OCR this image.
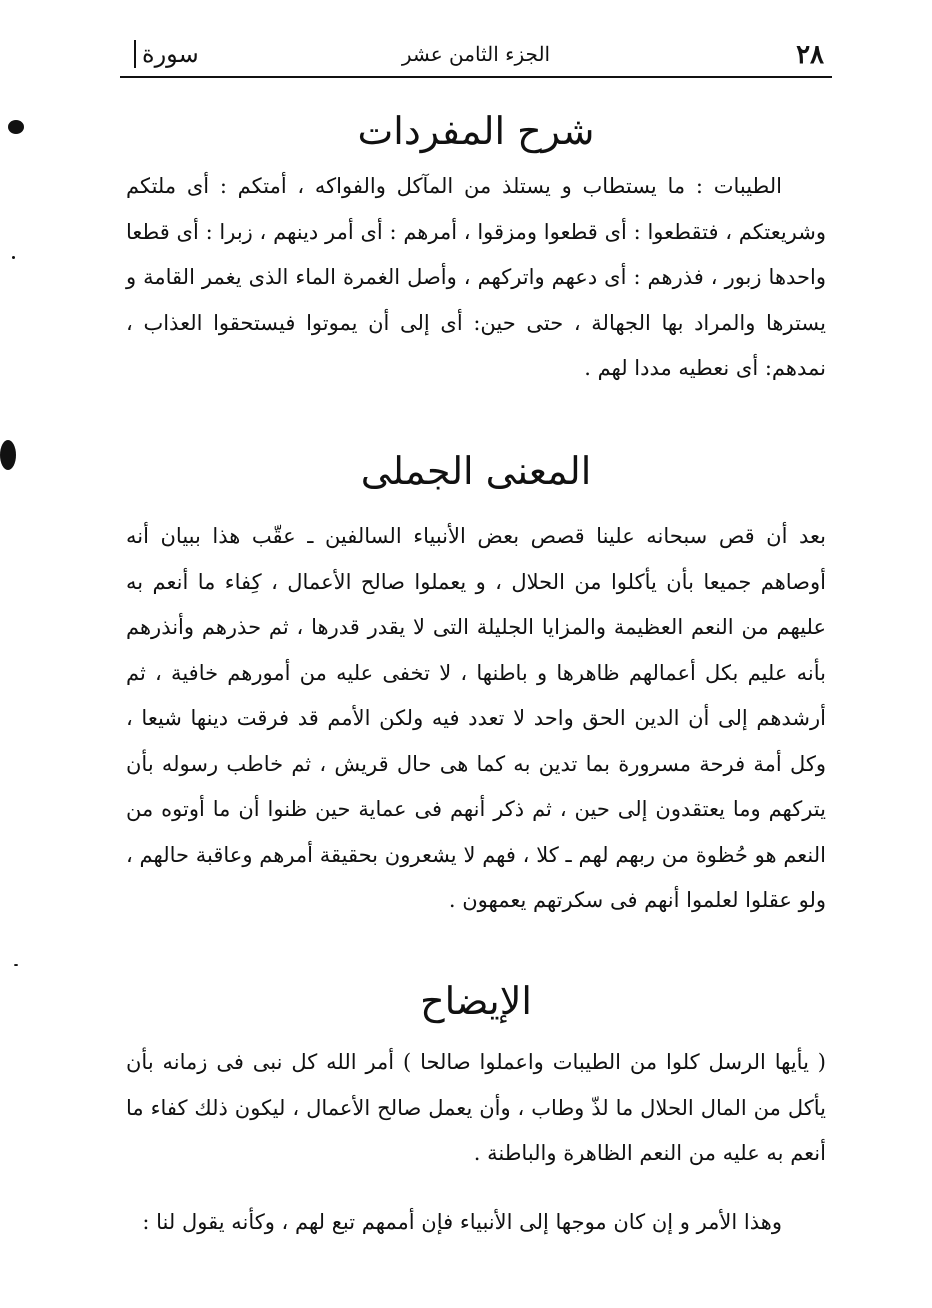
٢٨
الجزء الثامن عشر
سورة
شرح المفردات

الطيبات : ما يستطاب و يستلذ من المآكل والفواكه ، أمتكم : أى ملتكم وشريعتكم ، فتقطعوا : أى قطعوا ومزقوا ، أمرهم : أى أمر دينهم ، زبرا : أى قطعا واحدها زبور ، فذرهم : أى دعهم واتركهم ، وأصل الغمرة الماء الذى يغمر القامة و يسترها والمراد بها الجهالة ، حتى حين: أى إلى أن يموتوا فيستحقوا العذاب ، نمدهم: أى نعطيه مددا لهم .

المعنى الجملى

بعد أن قص سبحانه علينا قصص بعض الأنبياء السالفين ـ عقّب هذا ببيان أنه أوصاهم جميعا بأن يأكلوا من الحلال ، و يعملوا صالح الأعمال ، كِفاء ما أنعم به عليهم من النعم العظيمة والمزايا الجليلة التى لا يقدر قدرها ، ثم حذرهم وأنذرهم بأنه عليم بكل أعمالهم ظاهرها و باطنها ، لا تخفى عليه من أمورهم خافية ، ثم أرشدهم إلى أن الدين الحق واحد لا تعدد فيه ولكن الأمم قد فرقت دينها شيعا ، وكل أمة فرحة مسرورة بما تدين به كما هى حال قريش ، ثم خاطب رسوله بأن يتركهم وما يعتقدون إلى حين ، ثم ذكر أنهم فى عماية حين ظنوا أن ما أوتوه من النعم هو حُظوة من ربهم لهم ـ كلا ، فهم لا يشعرون بحقيقة أمرهم وعاقبة حالهم ، ولو عقلوا لعلموا أنهم فى سكرتهم يعمهون .

الإيضاح

( يأيها الرسل كلوا من الطيبات واعملوا صالحا ) أمر الله كل نبى فى زمانه بأن يأكل من المال الحلال ما لذّ وطاب ، وأن يعمل صالح الأعمال ، ليكون ذلك كفاء ما أنعم به عليه من النعم الظاهرة والباطنة .

وهذا الأمر و إن كان موجها إلى الأنبياء فإن أممهم تبع لهم ، وكأنه يقول لنا :
